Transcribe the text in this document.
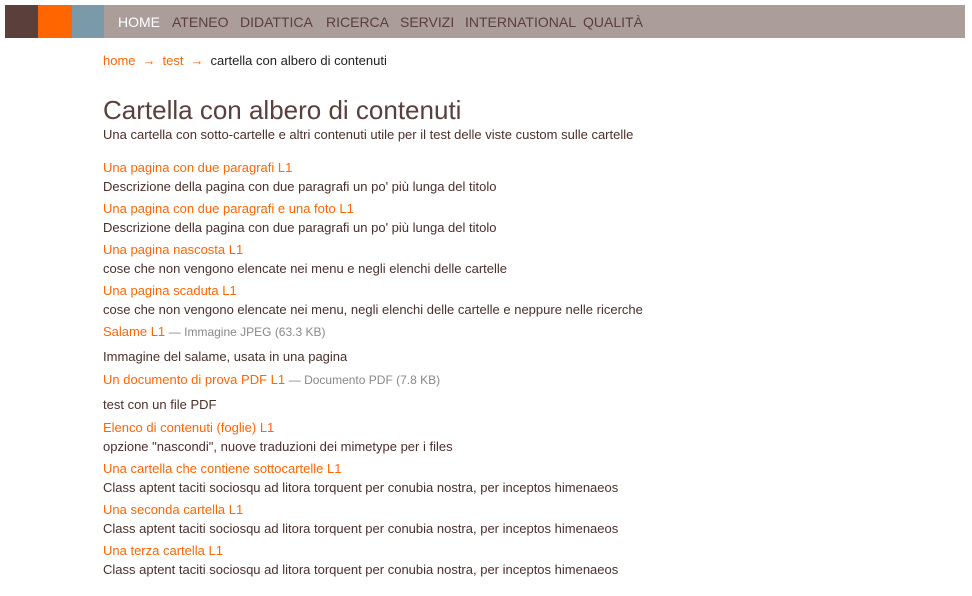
HOME ATENEO DIDATTICA RICERCA SERVIZI INTERNATIONAL QUALITÀ
home → test → cartella con albero di contenuti
Cartella con albero di contenuti
Una cartella con sotto-cartelle e altri contenuti utile per il test delle viste custom sulle cartelle
Una pagina con due paragrafi L1
Descrizione della pagina con due paragrafi un po' più lunga del titolo
Una pagina con due paragrafi e una foto L1
Descrizione della pagina con due paragrafi un po' più lunga del titolo
Una pagina nascosta L1
cose che non vengono elencate nei menu e negli elenchi delle cartelle
Una pagina scaduta L1
cose che non vengono elencate nei menu, negli elenchi delle cartelle e neppure nelle ricerche
Salame L1 — Immagine JPEG (63.3 KB)
Immagine del salame, usata in una pagina
Un documento di prova PDF L1 — Documento PDF (7.8 KB)
test con un file PDF
Elenco di contenuti (foglie) L1
opzione "nascondi", nuove traduzioni dei mimetype per i files
Una cartella che contiene sottocartelle L1
Class aptent taciti sociosqu ad litora torquent per conubia nostra, per inceptos himenaeos
Una seconda cartella L1
Class aptent taciti sociosqu ad litora torquent per conubia nostra, per inceptos himenaeos
Una terza cartella L1
Class aptent taciti sociosqu ad litora torquent per conubia nostra, per inceptos himenaeos
